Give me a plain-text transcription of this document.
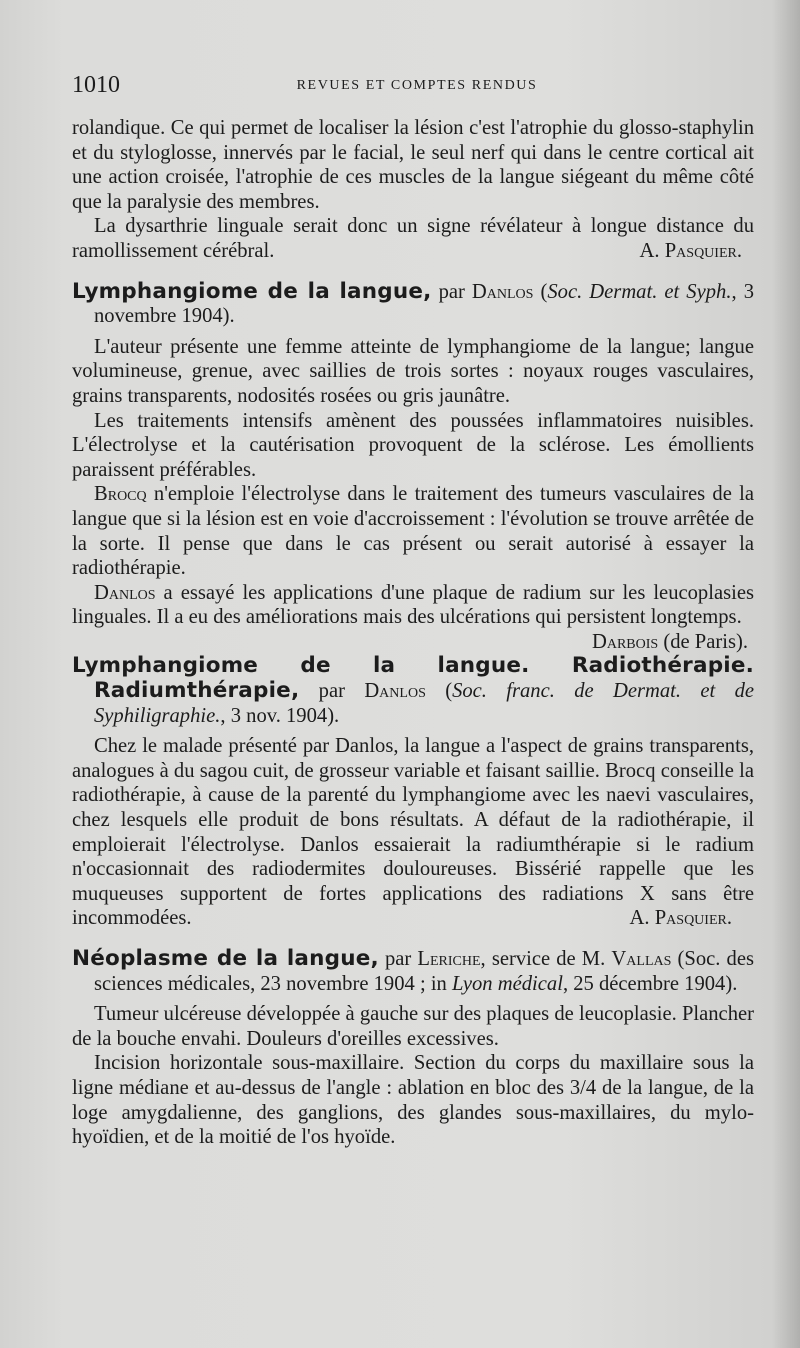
1010	REVUES ET COMPTES RENDUS

rolandique. Ce qui permet de localiser la lésion c'est l'atrophie du glosso-staphylin et du styloglosse, innervés par le facial, le seul nerf qui dans le centre cortical ait une action croisée, l'atrophie de ces muscles de la langue siégeant du même côté que la paralysie des membres.

La dysarthrie linguale serait donc un signe révélateur à longue distance du ramollissement cérébral.	A. Pasquier.

Lymphangiome de la langue, par Danlos (Soc. Dermat. et Syph., 3 novembre 1904).

L'auteur présente une femme atteinte de lymphangiome de la langue; langue volumineuse, grenue, avec saillies de trois sortes : noyaux rouges vasculaires, grains transparents, nodosités rosées ou gris jaunâtre.

Les traitements intensifs amènent des poussées inflammatoires nuisibles. L'électrolyse et la cautérisation provoquent de la sclérose. Les émollients paraissent préférables.

Brocq n'emploie l'électrolyse dans le traitement des tumeurs vasculaires de la langue que si la lésion est en voie d'accroissement : l'évolution se trouve arrêtée de la sorte. Il pense que dans le cas présent ou serait autorisé à essayer la radiothérapie.

Danlos a essayé les applications d'une plaque de radium sur les leucoplasies linguales. Il a eu des améliorations mais des ulcérations qui persistent longtemps.
Darbois (de Paris).

Lymphangiome de la langue. Radiothérapie. Radiumthérapie, par Danlos (Soc. franc. de Dermat. et de Syphiligraphie., 3 nov. 1904).

Chez le malade présenté par Danlos, la langue a l'aspect de grains transparents, analogues à du sagou cuit, de grosseur variable et faisant saillie. Brocq conseille la radiothérapie, à cause de la parenté du lymphangiome avec les naevi vasculaires, chez lesquels elle produit de bons résultats. A défaut de la radiothérapie, il emploierait l'électrolyse. Danlos essaierait la radiumthérapie si le radium n'occasionnait des radiodermites douloureuses. Bissérié rappelle que les muqueuses supportent de fortes applications des radiations X sans être incommodées.	A. Pasquier.

Néoplasme de la langue, par Leriche, service de M. Vallas (Soc. des sciences médicales, 23 novembre 1904 ; in Lyon médical, 25 décembre 1904).

Tumeur ulcéreuse développée à gauche sur des plaques de leucoplasie. Plancher de la bouche envahi. Douleurs d'oreilles excessives.

Incision horizontale sous-maxillaire. Section du corps du maxillaire sous la ligne médiane et au-dessus de l'angle : ablation en bloc des 3/4 de la langue, de la loge amygdalienne, des ganglions, des glandes sous-maxillaires, du mylo-hyoïdien, et de la moitié de l'os hyoïde.
